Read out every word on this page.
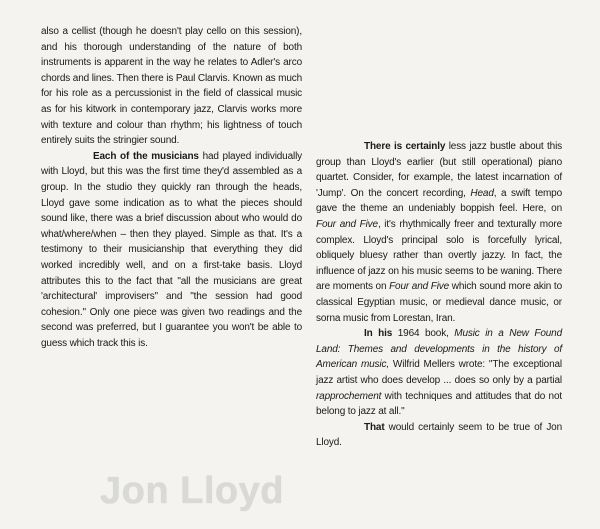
also a cellist (though he doesn't play cello on this session), and his thorough understanding of the nature of both instruments is apparent in the way he relates to Adler's arco chords and lines. Then there is Paul Clarvis. Known as much for his role as a percussionist in the field of classical music as for his kitwork in contemporary jazz, Clarvis works more with texture and colour than rhythm; his lightness of touch entirely suits the stringier sound.

Each of the musicians had played individually with Lloyd, but this was the first time they'd assembled as a group. In the studio they quickly ran through the heads, Lloyd gave some indication as to what the pieces should sound like, there was a brief discussion about who would do what/where/when – then they played. Simple as that. It's a testimony to their musicianship that everything they did worked incredibly well, and on a first-take basis. Lloyd attributes this to the fact that "all the musicians are great 'architectural' improvisers" and "the session had good cohesion." Only one piece was given two readings and the second was preferred, but I guarantee you won't be able to guess which track this is.

There is certainly less jazz bustle about this group than Lloyd's earlier (but still operational) piano quartet. Consider, for example, the latest incarnation of 'Jump'. On the concert recording, Head, a swift tempo gave the theme an undeniably boppish feel. Here, on Four and Five, it's rhythmically freer and texturally more complex. Lloyd's principal solo is forcefully lyrical, obliquely bluesy rather than overtly jazzy. In fact, the influence of jazz on his music seems to be waning. There are moments on Four and Five which sound more akin to classical Egyptian music, or medieval dance music, or sorna music from Lorestan, Iran.

In his 1964 book, Music in a New Found Land: Themes and developments in the history of American music, Wilfrid Mellers wrote: "The exceptional jazz artist who does develop ... does so only by a partial rapprochement with techniques and attitudes that do not belong to jazz at all."

That would certainly seem to be true of Jon Lloyd.

Jon Lloyd
